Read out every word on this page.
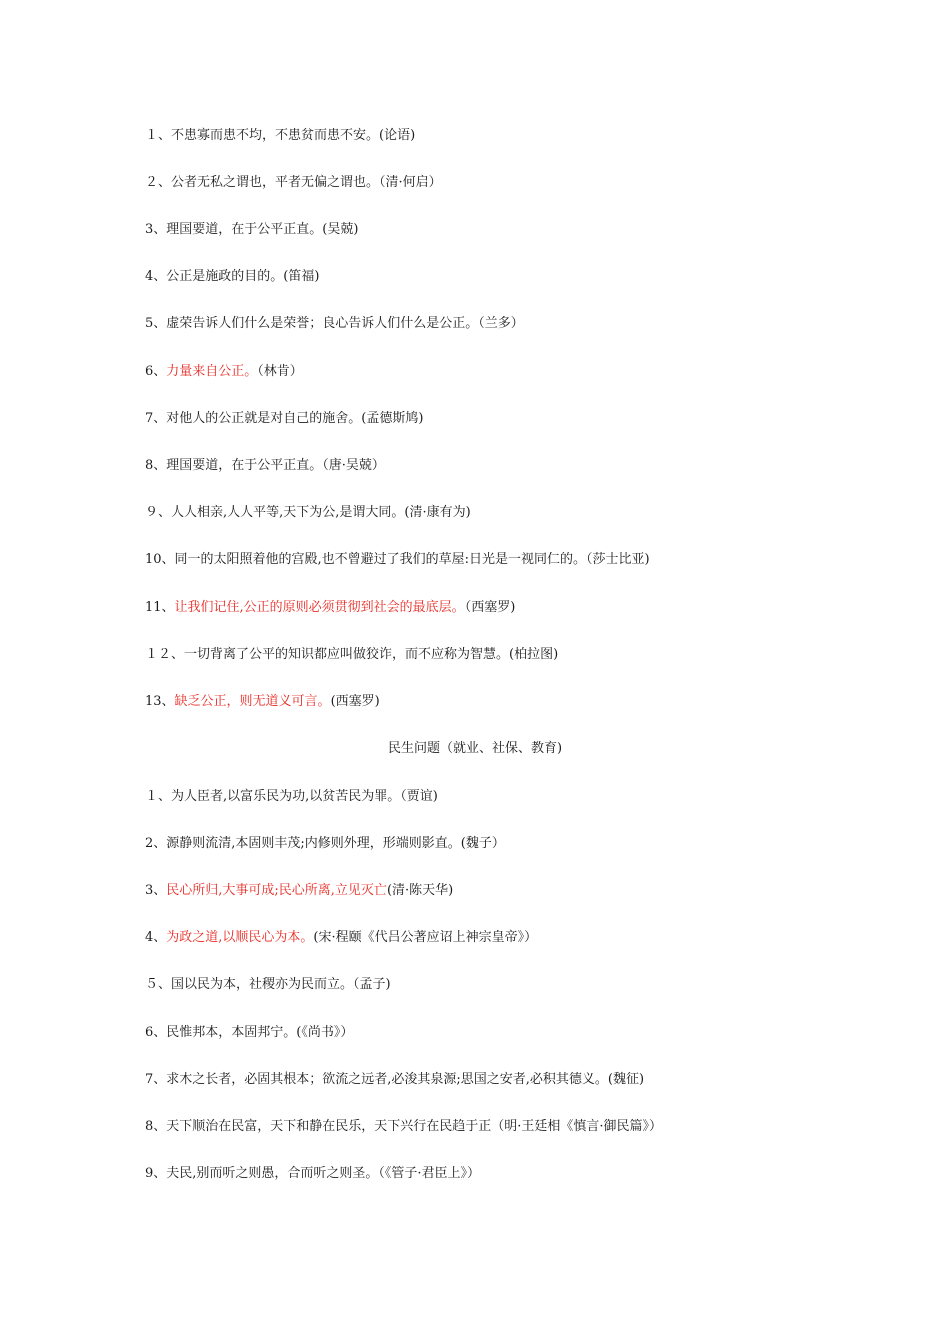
１、不患寡而患不均，不患贫而患不安。(论语)
２、公者无私之谓也，平者无偏之谓也。（清·何启）
3、理国要道，在于公平正直。(吴兢)
4、公正是施政的目的。(笛福)
5、虚荣告诉人们什么是荣誉；良心告诉人们什么是公正。（兰多）
6、力量来自公正。（林肯）
7、对他人的公正就是对自己的施舍。(孟德斯鸠)
8、理国要道，在于公平正直。（唐·吴兢）
９、人人相亲,人人平等,天下为公,是谓大同。(清·康有为)
10、同一的太阳照着他的宫殿,也不曾避过了我们的草屋:日光是一视同仁的。（莎士比亚)
11、让我们记住,公正的原则必须贯彻到社会的最底层。（西塞罗)
１２、一切背离了公平的知识都应叫做狡诈，而不应称为智慧。(柏拉图)
13、缺乏公正，则无道义可言。(西塞罗)
民生问题（就业、社保、教育)
１、为人臣者,以富乐民为功,以贫苦民为罪。（贾谊)
2、源静则流清,本固则丰茂;内修则外理，形端则影直。(魏子）
3、民心所归,大事可成;民心所离,立见灭亡(清·陈天华)
4、为政之道,以顺民心为本。(宋·程颐《代吕公著应诏上神宗皇帝》）
５、国以民为本，社稷亦为民而立。（孟子)
6、民惟邦本，本固邦宁。(《尚书》）
7、求木之长者，必固其根本；欲流之远者,必浚其泉源;思国之安者,必积其德义。(魏征)
8、天下顺治在民富，天下和静在民乐，天下兴行在民趋于正（明·王廷相《慎言·御民篇》）
9、夫民,别而听之则愚，合而听之则圣。（《管子·君臣上》）
